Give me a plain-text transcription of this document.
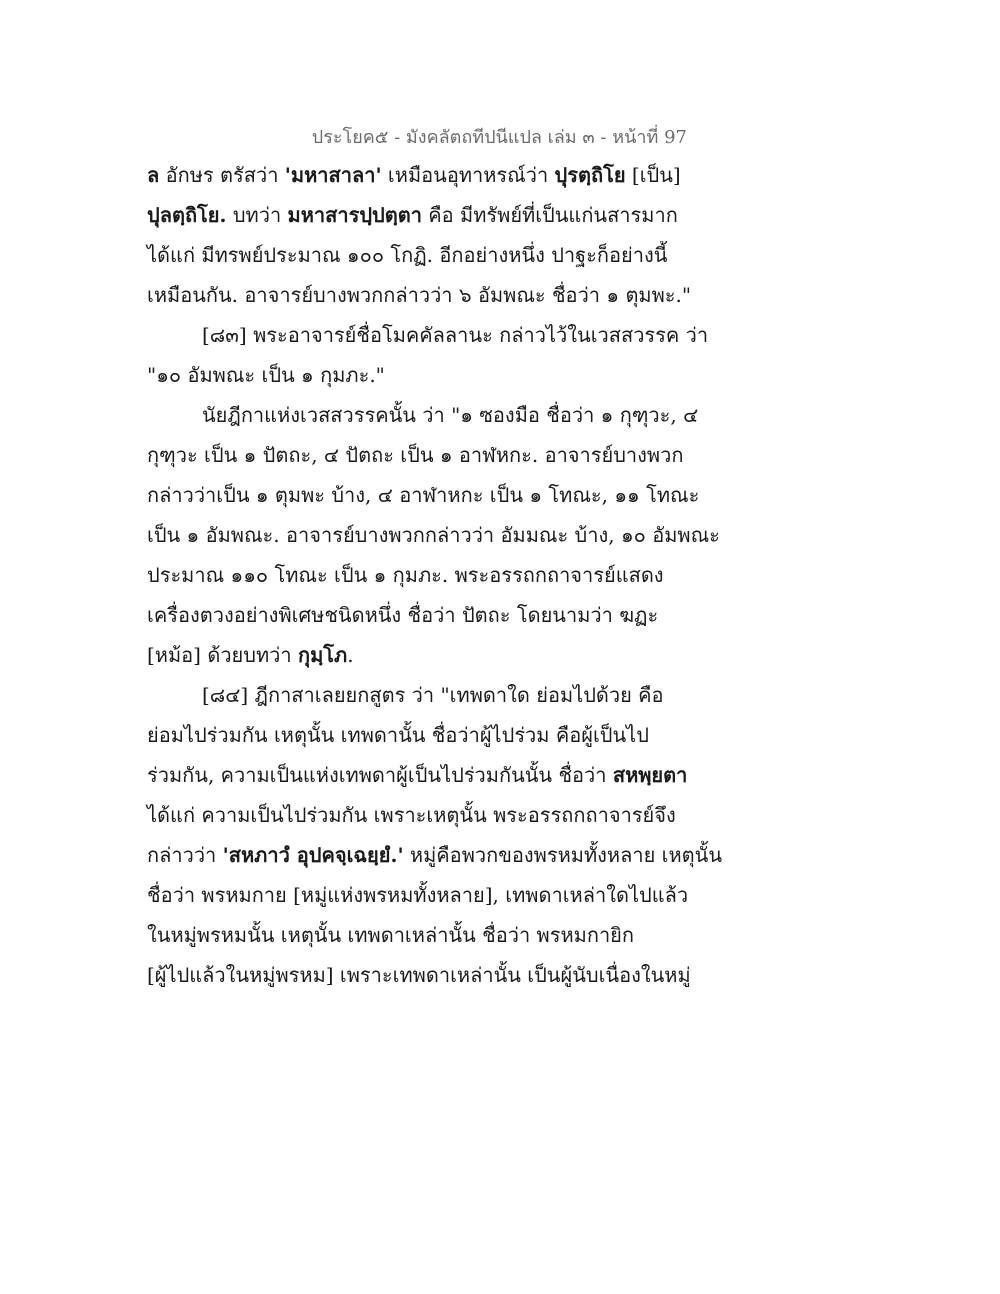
ประโยค๕ - มังคลัตถทีปนีแปล เล่ม ๓ - หน้าที่ 97
ล อักษร ตรัสว่า 'มหาสาลา' เหมือนอุทาหรณ์ว่า ปุรตฺถิโย [เป็น]
ปุลตฺถิโย. บทว่า มหาสารปฺปตฺตา คือ มีทรัพย์ที่เป็นแก่นสารมาก
ได้แก่ มีทรพย์ประมาณ ๑๐๐ โกฏิ. อีกอย่างหนึ่ง ปาฐะก็อย่างนี้
เหมือนกัน. อาจารย์บางพวกกล่าวว่า ๖ อัมพณะ ชื่อว่า ๑ ตุมพะ."
[๘๓] พระอาจารย์ชื่อโมคคัลลานะ กล่าวไว้ในเวสสวรรค ว่า
"๑๐ อัมพณะ เป็น ๑ กุมภะ."
นัยฎีกาแห่งเวสสวรรคนั้น ว่า "๑ ซองมือ ชื่อว่า ๑ กุฑุวะ, ๔
กุฑุวะ เป็น ๑ ปัตถะ, ๔ ปัตถะ เป็น ๑ อาฬหกะ. อาจารย์บางพวก
กล่าวว่าเป็น ๑ ตุมพะ บ้าง, ๔ อาฬาหกะ เป็น ๑ โทณะ, ๑๑ โทณะ
เป็น ๑ อัมพณะ. อาจารย์บางพวกกล่าวว่า อัมมณะ บ้าง, ๑๐ อัมพณะ
ประมาณ ๑๑๐ โทณะ เป็น ๑ กุมภะ. พระอรรถกถาจารย์แสดง
เครื่องตวงอย่างพิเศษชนิดหนึ่ง ชื่อว่า ปัตถะ โดยนามว่า ฆฏะ
[หม้อ] ด้วยบทว่า กุมฺโภ.
[๘๔] ฎีกาสาเลยยกสูตร ว่า "เทพดาใด ย่อมไปด้วย คือ
ย่อมไปร่วมกัน เหตุนั้น เทพดานั้น ชื่อว่าผู้ไปร่วม คือผู้เป็นไป
ร่วมกัน, ความเป็นแห่งเทพดาผู้เป็นไปร่วมกันนั้น ชื่อว่า สหพฺยตา
ได้แก่ ความเป็นไปร่วมกัน เพราะเหตุนั้น พระอรรถกถาจารย์จึง
กล่าวว่า 'สหภาวํ อุปคจฺเฉยฺยํ.' หมู่คือพวกของพรหมทั้งหลาย เหตุนั้น
ชื่อว่า พรหมกาย [หมู่แห่งพรหมทั้งหลาย], เทพดาเหล่าใดไปแล้ว
ในหมู่พรหมนั้น เหตุนั้น เทพดาเหล่านั้น ชื่อว่า พรหมกายิก
[ผู้ไปแล้วในหมู่พรหม] เพราะเทพดาเหล่านั้น เป็นผู้นับเนื่องในหมู่
